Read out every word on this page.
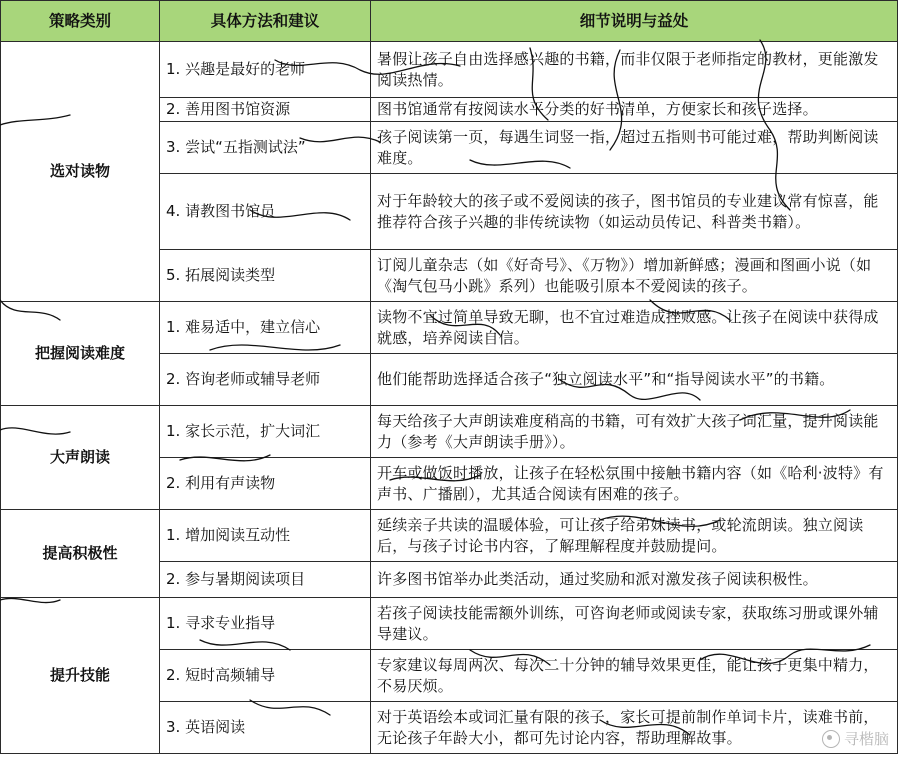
策略类别	具体方法和建议	细节说明与益处
选对读物	1. 兴趣是最好的老师	暑假让孩子自由选择感兴趣的书籍，而非仅限于老师指定的教材，更能激发阅读热情。
	2. 善用图书馆资源	图书馆通常有按阅读水平分类的好书清单，方便家长和孩子选择。
	3. 尝试“五指测试法”	孩子阅读第一页，每遇生词竖一指，超过五指则书可能过难，帮助判断阅读难度。
	4. 请教图书馆员	对于年龄较大的孩子或不爱阅读的孩子，图书馆员的专业建议常有惊喜，能推荐符合孩子兴趣的非传统读物（如运动员传记、科普类书籍）。
	5. 拓展阅读类型	订阅儿童杂志（如《好奇号》、《万物》）增加新鲜感；漫画和图画小说（如《淘气包马小跳》系列）也能吸引原本不爱阅读的孩子。
把握阅读难度	1. 难易适中，建立信心	读物不宜过简单导致无聊，也不宜过难造成挫败感。让孩子在阅读中获得成就感，培养阅读自信。
	2. 咨询老师或辅导老师	他们能帮助选择适合孩子“独立阅读水平”和“指导阅读水平”的书籍。
大声朗读	1. 家长示范，扩大词汇	每天给孩子大声朗读难度稍高的书籍，可有效扩大孩子词汇量，提升阅读能力（参考《大声朗读手册》）。
	2. 利用有声读物	开车或做饭时播放，让孩子在轻松氛围中接触书籍内容（如《哈利·波特》有声书、广播剧），尤其适合阅读有困难的孩子。
提高积极性	1. 增加阅读互动性	延续亲子共读的温暖体验，可让孩子给弟妹读书，或轮流朗读。独立阅读后，与孩子讨论书内容，了解理解程度并鼓励提问。
	2. 参与暑期阅读项目	许多图书馆举办此类活动，通过奖励和派对激发孩子阅读积极性。
提升技能	1. 寻求专业指导	若孩子阅读技能需额外训练，可咨询老师或阅读专家，获取练习册或课外辅导建议。
	2. 短时高频辅导	专家建议每周两次、每次二十分钟的辅导效果更佳，能让孩子更集中精力，不易厌烦。
	3. 英语阅读	对于英语绘本或词汇量有限的孩子，家长可提前制作单词卡片，读难书前，无论孩子年龄大小，都可先讨论内容，帮助理解故事。	寻楷脑
